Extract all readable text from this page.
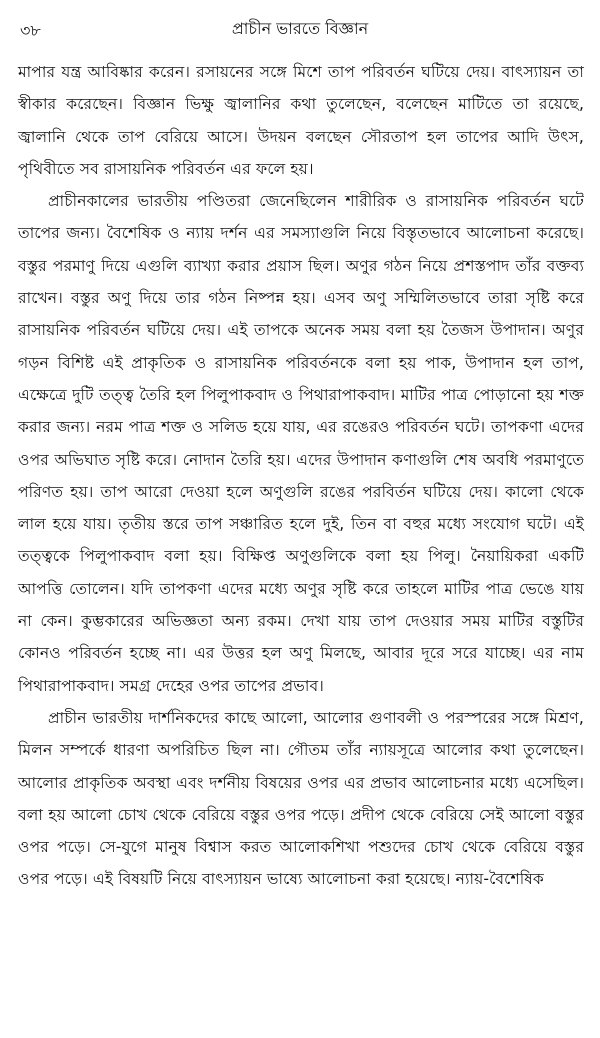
৩৮	প্রাচীন ভারতে বিজ্ঞান

মাপার যন্ত্র আবিষ্কার করেন। রসায়নের সঙ্গে মিশে তাপ পরিবর্তন ঘটিয়ে দেয়। বাৎস্যায়ন তা স্বীকার করেছেন। বিজ্ঞান ভিক্ষু জ্বালানির কথা তুলেছেন, বলেছেন মাটিতে তা রয়েছে, জ্বালানি থেকে তাপ বেরিয়ে আসে। উদয়ন বলছেন সৌরতাপ হল তাপের আদি উৎস, পৃথিবীতে সব রাসায়নিক পরিবর্তন এর ফলে হয়।

প্রাচীনকালের ভারতীয় পণ্ডিতরা জেনেছিলেন শারীরিক ও রাসায়নিক পরিবর্তন ঘটে তাপের জন্য। বৈশেষিক ও ন্যায় দর্শন এর সমস্যাগুলি নিয়ে বিস্তৃতভাবে আলোচনা করেছে। বস্তুর পরমাণু দিয়ে এগুলি ব্যাখ্যা করার প্রয়াস ছিল। অণুর গঠন নিয়ে প্রশস্তপাদ তাঁর বক্তব্য রাখেন। বস্তুর অণু দিয়ে তার গঠন নিষ্পন্ন হয়। এসব অণু সম্মিলিতভাবে তারা সৃষ্টি করে রাসায়নিক পরিবর্তন ঘটিয়ে দেয়। এই তাপকে অনেক সময় বলা হয় তৈজস উপাদান। অণুর গড়ন বিশিষ্ট এই প্রাকৃতিক ও রাসায়নিক পরিবর্তনকে বলা হয় পাক, উপাদান হল তাপ, এক্ষেত্রে দুটি তত্ত্ব তৈরি হল পিলুপাকবাদ ও পিথারাপাকবাদ। মাটির পাত্র পোড়ানো হয় শক্ত করার জন্য। নরম পাত্র শক্ত ও সলিড হয়ে যায়, এর রঙেরও পরিবর্তন ঘটে। তাপকণা এদের ওপর অভিঘাত সৃষ্টি করে। নোদান তৈরি হয়। এদের উপাদান কণাগুলি শেষ অবধি পরমাণুতে পরিণত হয়। তাপ আরো দেওয়া হলে অণুগুলি রঙের পরবির্তন ঘটিয়ে দেয়। কালো থেকে লাল হয়ে যায়। তৃতীয় স্তরে তাপ সঞ্চারিত হলে দুই, তিন বা বহুর মধ্যে সংযোগ ঘটে। এই তত্ত্বকে পিলুপাকবাদ বলা হয়। বিক্ষিপ্ত অণুগুলিকে বলা হয় পিলু। নৈয়ায়িকরা একটি আপত্তি তোলেন। যদি তাপকণা এদের মধ্যে অণুর সৃষ্টি করে তাহলে মাটির পাত্র ভেঙে যায় না কেন। কুম্ভকারের অভিজ্ঞতা অন্য রকম। দেখা যায় তাপ দেওয়ার সময় মাটির বস্তুটির কোনও পরিবর্তন হচ্ছে না। এর উত্তর হল অণু মিলছে, আবার দূরে সরে যাচ্ছে। এর নাম পিথারাপাকবাদ। সমগ্র দেহের ওপর তাপের প্রভাব।

প্রাচীন ভারতীয় দার্শনিকদের কাছে আলো, আলোর গুণাবলী ও পরস্পরের সঙ্গে মিশ্রণ, মিলন সম্পর্কে ধারণা অপরিচিত ছিল না। গৌতম তাঁর ন্যায়সূত্রে আলোর কথা তুলেছেন। আলোর প্রাকৃতিক অবস্থা এবং দর্শনীয় বিষয়ের ওপর এর প্রভাব আলোচনার মধ্যে এসেছিল। বলা হয় আলো চোখ থেকে বেরিয়ে বস্তুর ওপর পড়ে। প্রদীপ থেকে বেরিয়ে সেই আলো বস্তুর ওপর পড়ে। সে-যুগে মানুষ বিশ্বাস করত আলোকশিখা পশুদের চোখ থেকে বেরিয়ে বস্তুর ওপর পড়ে। এই বিষয়টি নিয়ে বাৎস্যায়ন ভাষ্যে আলোচনা করা হয়েছে। ন্যায়-বৈশেষিক
